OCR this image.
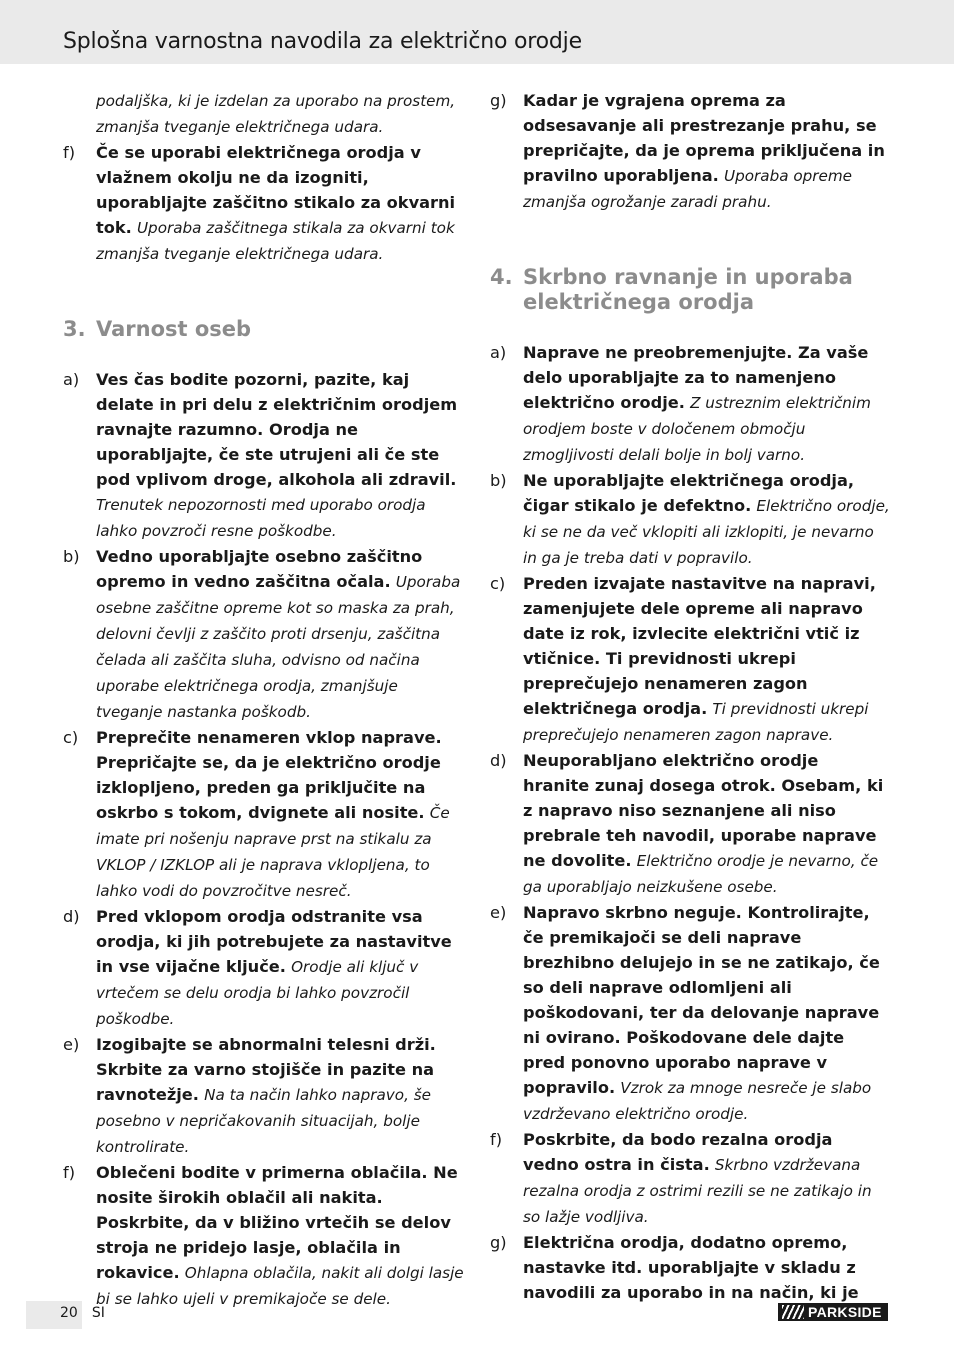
Splošna varnostna navodila za električno orodje
podaljška, ki je izdelan za uporabo na prostem, zmanjša tveganje električnega udara.
f) Če se uporabi električnega orodja v vlažnem okolju ne da izogniti, uporabljajte zaščitno stikalo za okvarni tok. Uporaba zaščitnega stikala za okvarni tok zmanjša tveganje električnega udara.
3. Varnost oseb
a) Ves čas bodite pozorni, pazite, kaj delate in pri delu z električnim orodjem ravnajte razumno. Orodja ne uporabljajte, če ste utrujeni ali če ste pod vplivom droge, alkohola ali zdravil. Trenutek nepozornosti med uporabo orodja lahko povzroči resne poškodbe.
b) Vedno uporabljajte osebno zaščitno opremo in vedno zaščitna očala. Uporaba osebne zaščitne opreme kot so maska za prah, delovni čevlji z zaščito proti drsenju, zaščitna čelada ali zaščita sluha, odvisno od načina uporabe električnega orodja, zmanjšuje tveganje nastanka poškodb.
c) Preprečite nenameren vklop naprave. Prepričajte se, da je električno orodje izklopljeno, preden ga priključite na oskrbo s tokom, dvignete ali nosite. Če imate pri nošenju naprave prst na stikalu za VKLOP / IZKLOP ali je naprava vklopljena, to lahko vodi do povzročitve nesreč.
d) Pred vklopom orodja odstranite vsa orodja, ki jih potrebujete za nastavitve in vse vijačne ključe. Orodje ali ključ v vrtečem se delu orodja bi lahko povzročil poškodbe.
e) Izogibajte se abnormalni telesni drži. Skrbite za varno stojišče in pazite na ravnotežje. Na ta način lahko napravo, še posebno v nepričakovanih situacijah, bolje kontrolirate.
f) Oblečeni bodite v primerna oblačila. Ne nosite širokih oblačil ali nakita. Poskrbite, da v bližino vrtečih se delov stroja ne pridejo lasje, oblačila in rokavice. Ohlapna oblačila, nakit ali dolgi lasje bi se lahko ujeli v premikajoče se dele.
g) Kadar je vgrajena oprema za odsesavanje ali prestrezanje prahu, se prepričajte, da je oprema priključena in pravilno uporabljena. Uporaba opreme zmanjša ogrožanje zaradi prahu.
4. Skrbno ravnanje in uporaba električnega orodja
a) Naprave ne preobremenjujte. Za vaše delo uporabljajte za to namenjeno električno orodje. Z ustreznim električnim orodjem boste v določenem območju zmogljivosti delali bolje in bolj varno.
b) Ne uporabljajte električnega orodja, čigar stikalo je defektno. Električno orodje, ki se ne da več vklopiti ali izklopiti, je nevarno in ga je treba dati v popravilo.
c) Preden izvajate nastavitve na napravi, zamenjujete dele opreme ali napravo date iz rok, izvlecite električni vtič iz vtičnice. Ti previdnosti ukrepi preprečujejo nenameren zagon električnega orodja. Ti previdnosti ukrepi preprečujejo nenameren zagon naprave.
d) Neuporabljano električno orodje hranite zunaj dosega otrok. Osebam, ki z napravo niso seznanjene ali niso prebrale teh navodil, uporabe naprave ne dovolite. Električno orodje je nevarno, če ga uporabljajo neizkušene osebe.
e) Napravo skrbno neguje. Kontrolirajte, če premikajoči se deli naprave brezhibno delujejo in se ne zatikajo, če so deli naprave odlomljeni ali poškodovani, ter da delovanje naprave ni ovirano. Poškodovane dele dajte pred ponovno uporabo naprave v popravilo. Vzrok za mnoge nesreče je slabo vzdrževano električno orodje.
f) Poskrbite, da bodo rezalna orodja vedno ostra in čista. Skrbno vzdrževana rezalna orodja z ostrimi rezili se ne zatikajo in so lažje vodljiva.
g) Električna orodja, dodatno opremo, nastavke itd. uporabljajte v skladu z navodili za uporabo in na način, ki je
20 SI	PARKSIDE
